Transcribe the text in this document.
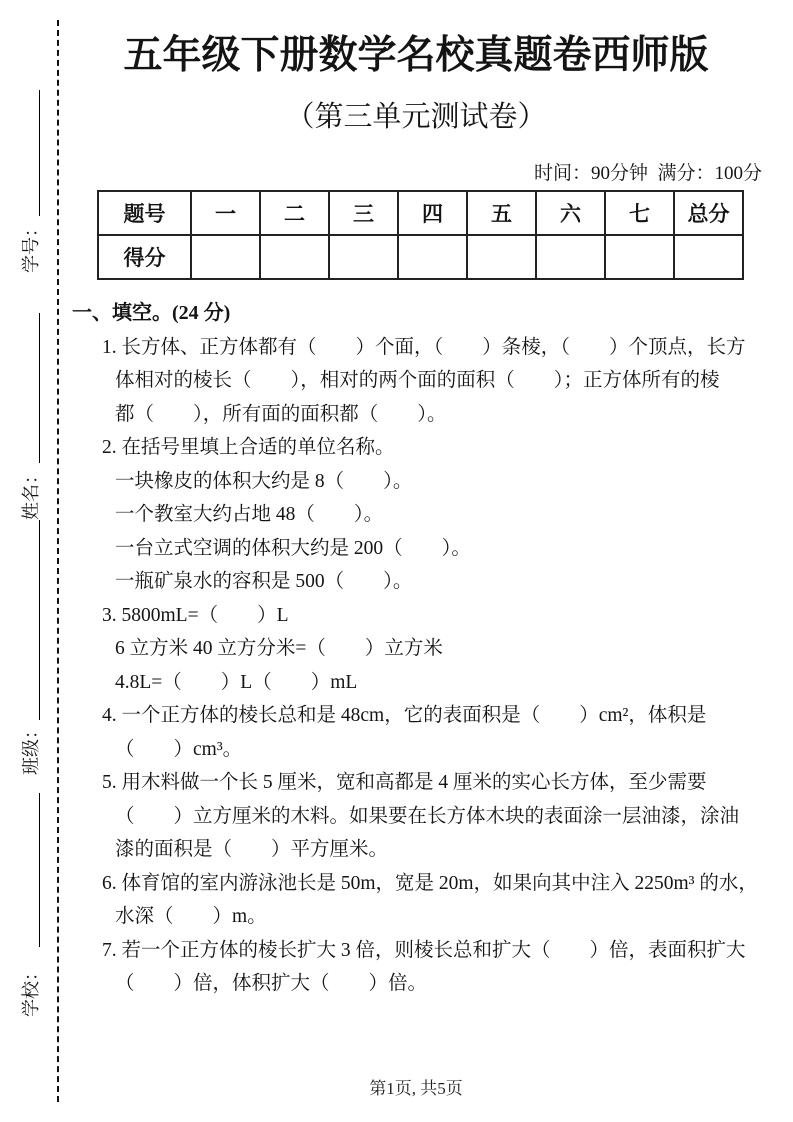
五年级下册数学名校真题卷西师版
（第三单元测试卷）
时间：90分钟  满分：100分
题号	一	二	三	四	五	六	七	总分
得分								
学号：
姓名：
班级：
学校：
一、填空。(24 分)
1. 长方体、正方体都有（        ）个面，（        ）条棱，（        ）个顶点，长方
体相对的棱长（        ），相对的两个面的面积（        ）；正方体所有的棱
都（        ），所有面的面积都（        ）。
2. 在括号里填上合适的单位名称。
一块橡皮的体积大约是 8（        ）。
一个教室大约占地 48（        ）。
一台立式空调的体积大约是 200（        ）。
一瓶矿泉水的容积是 500（        ）。
3. 5800mL=（        ）L
6 立方米 40 立方分米=（        ）立方米
4.8L=（        ）L（        ）mL
4. 一个正方体的棱长总和是 48cm，它的表面积是（        ）cm²，体积是
（        ）cm³。
5. 用木料做一个长 5 厘米，宽和高都是 4 厘米的实心长方体，至少需要
（        ）立方厘米的木料。如果要在长方体木块的表面涂一层油漆，涂油
漆的面积是（        ）平方厘米。
6. 体育馆的室内游泳池长是 50m，宽是 20m，如果向其中注入 2250m³ 的水，
水深（        ）m。
7. 若一个正方体的棱长扩大 3 倍，则棱长总和扩大（        ）倍，表面积扩大
（        ）倍，体积扩大（        ）倍。
第1页, 共5页
